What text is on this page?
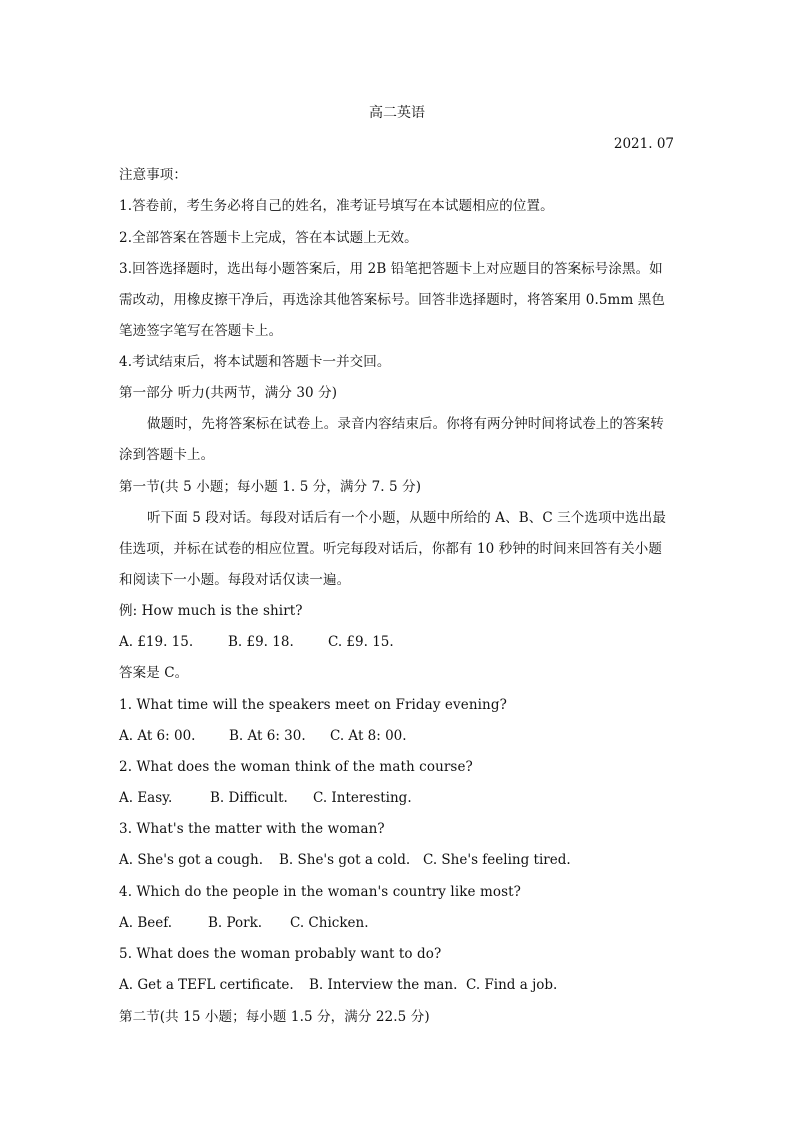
高二英语
2021. 07
注意事项：
1.答卷前，考生务必将自己的姓名，准考证号填写在本试题相应的位置。
2.全部答案在答题卡上完成，答在本试题上无效。
3.回答选择题时，选出每小题答案后，用 2B 铅笔把答题卡上对应题目的答案标号涂黑。如
需改动，用橡皮擦干净后，再选涂其他答案标号。回答非选择题时，将答案用 0.5mm 黑色
笔迹签字笔写在答题卡上。
4.考试结束后，将本试题和答题卡一并交回。
第一部分 听力(共两节，满分 30 分)
做题时，先将答案标在试卷上。录音内容结束后。你将有两分钟时间将试卷上的答案转
涂到答题卡上。
第一节(共 5 小题；每小题 1. 5 分，满分 7. 5 分)
听下面 5 段对话。每段对话后有一个小题，从题中所给的 A、B、C 三个选项中选出最
佳选项，并标在试卷的相应位置。听完每段对话后，你都有 10 秒钟的时间来回答有关小题
和阅读下一小题。每段对话仅读一遍。
例: How much is the shirt?
A. £19. 15.	B. £9. 18.	C. £9. 15.
答案是 C。
1. What time will the speakers meet on Friday evening?
A. At 6: 00. B. At 6: 30. C. At 8: 00.
2. What does the woman think of the math course?
A. Easy.	B. Difficult. C. Interesting.
3. What's the matter with the woman?
A. She's got a cough. B. She's got a cold. C. She's feeling tired.
4. Which do the people in the woman's country like most?
A. Beef.	B. Pork. C. Chicken.
5. What does the woman probably want to do?
A. Get a TEFL certificate. B. Interview the man. C. Find a job.
第二节(共 15 小题；每小题 1.5 分，满分 22.5 分)
